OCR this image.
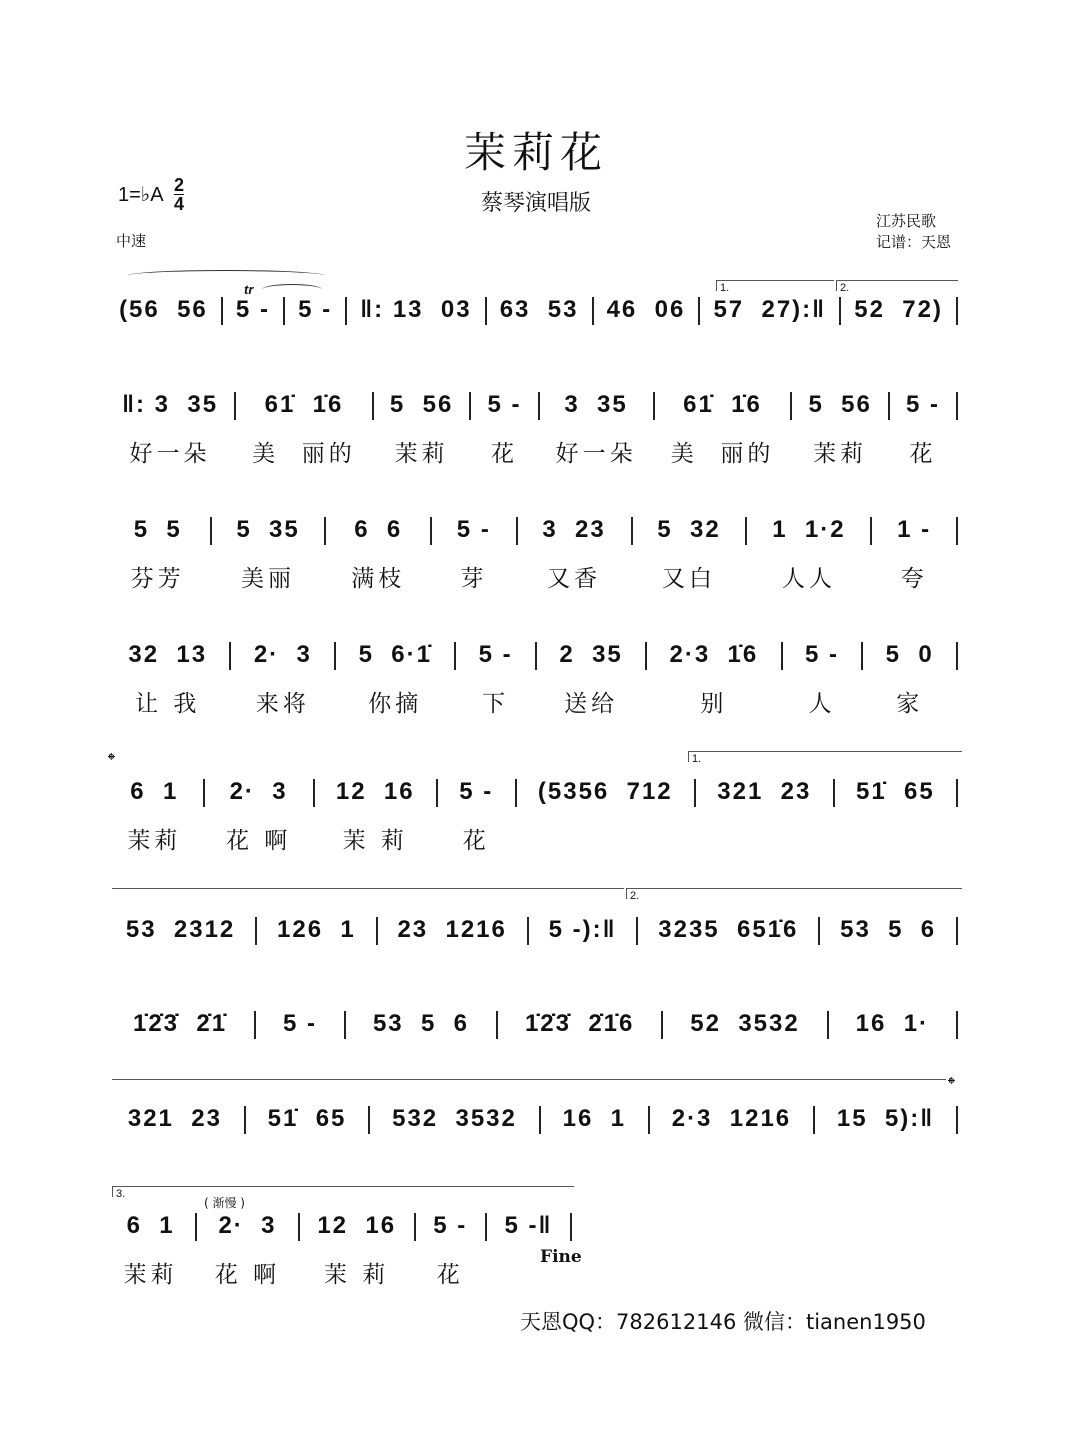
茉莉花
蔡琴演唱版
1=♭A 2
4
中速
江苏民歌
记谱：天恩
tr	1.	2.
𝄌	1.
2.
𝄌
3.
( 渐慢 )
Fine
(56  56 5 - 5 - ‖: 13  03 63  53 46  06 57  27):‖ 52  72)
‖: 3  35
好一朵
61̇  1̇6
美  丽的
5  56
茉莉
5 -
花
3  35
好一朵
61̇  1̇6
美  丽的
5  56
茉莉
5 -
花
5  5
芬芳
5  35
美丽
6  6
满枝
5 -
芽
3  23
又香
5  32
又白
1  1·2
人人
1 -
夸
32  13
让 我
2·  3
来将
5  6·1̇
你摘
5 -
下
2  35
送给
2·3  1̇6
别
5 -
人
5  0
家
6  1
茉莉
2·  3
花 啊
12  16
茉 莉
5 -
花
(5356  712 321  23 51̇  65
53  2312 126  1 23  1216 5 -):‖ 3235  651̇6 53  5  6
1̇2̇3̇  2̇1̇ 5 - 53  5  6 1̇2̇3̇  2̇1̇6 52  3532 16  1·
321  23 51̇  65 532  3532 16  1 2·3  1216 15  5):‖
6  1
茉莉
2·  3
花 啊
12  16
茉 莉
5 -
花
5 -‖
天恩QQ：782612146 微信：tianen1950
